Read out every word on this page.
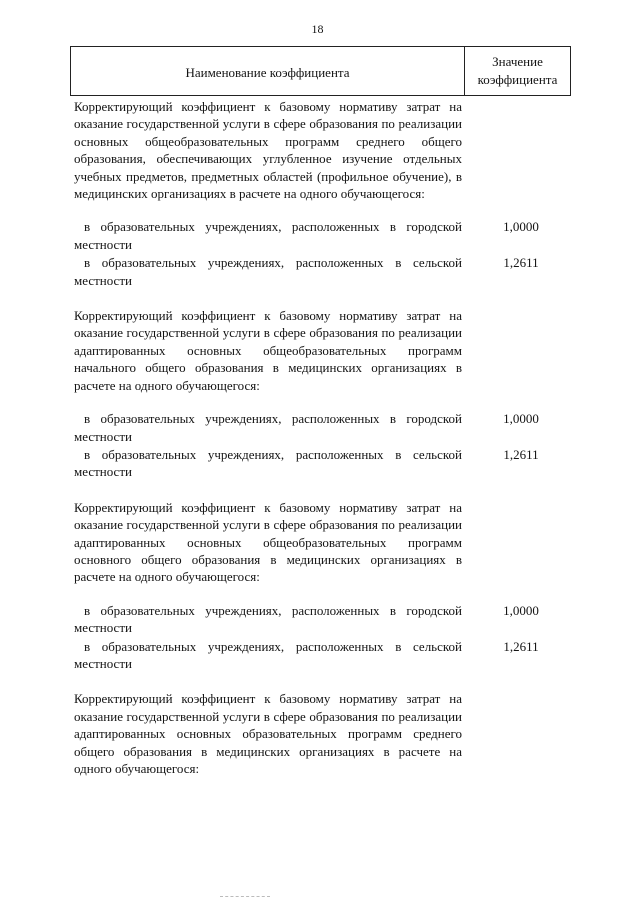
18
Наименование коэффициента
Значение коэффициента
Корректирующий коэффициент к базовому нормативу затрат на оказание государственной услуги в сфере образования по реализации основных общеобразовательных программ среднего общего образования, обеспечивающих углубленное изучение отдельных учебных предметов, предметных областей (профильное обучение), в медицинских организациях в расчете на одного обучающегося:
в образовательных учреждениях, расположенных в городской местности
1,0000
в образовательных учреждениях, расположенных в сельской местности
1,2611
Корректирующий коэффициент к базовому нормативу затрат на оказание государственной услуги в сфере образования по реализации адаптированных основных общеобразовательных программ начального общего образования в медицинских организациях в расчете на одного обучающегося:
в образовательных учреждениях, расположенных в городской местности
1,0000
в образовательных учреждениях, расположенных в сельской местности
1,2611
Корректирующий коэффициент к базовому нормативу затрат на оказание государственной услуги в сфере образования по реализации адаптированных основных общеобразовательных программ основного общего образования в медицинских организациях в расчете на одного обучающегося:
в образовательных учреждениях, расположенных в городской местности
1,0000
в образовательных учреждениях, расположенных в сельской местности
1,2611
Корректирующий коэффициент к базовому нормативу затрат на оказание государственной услуги в сфере образования по реализации адаптированных основных образовательных программ среднего общего образования в медицинских организациях в расчете на одного обучающегося:
